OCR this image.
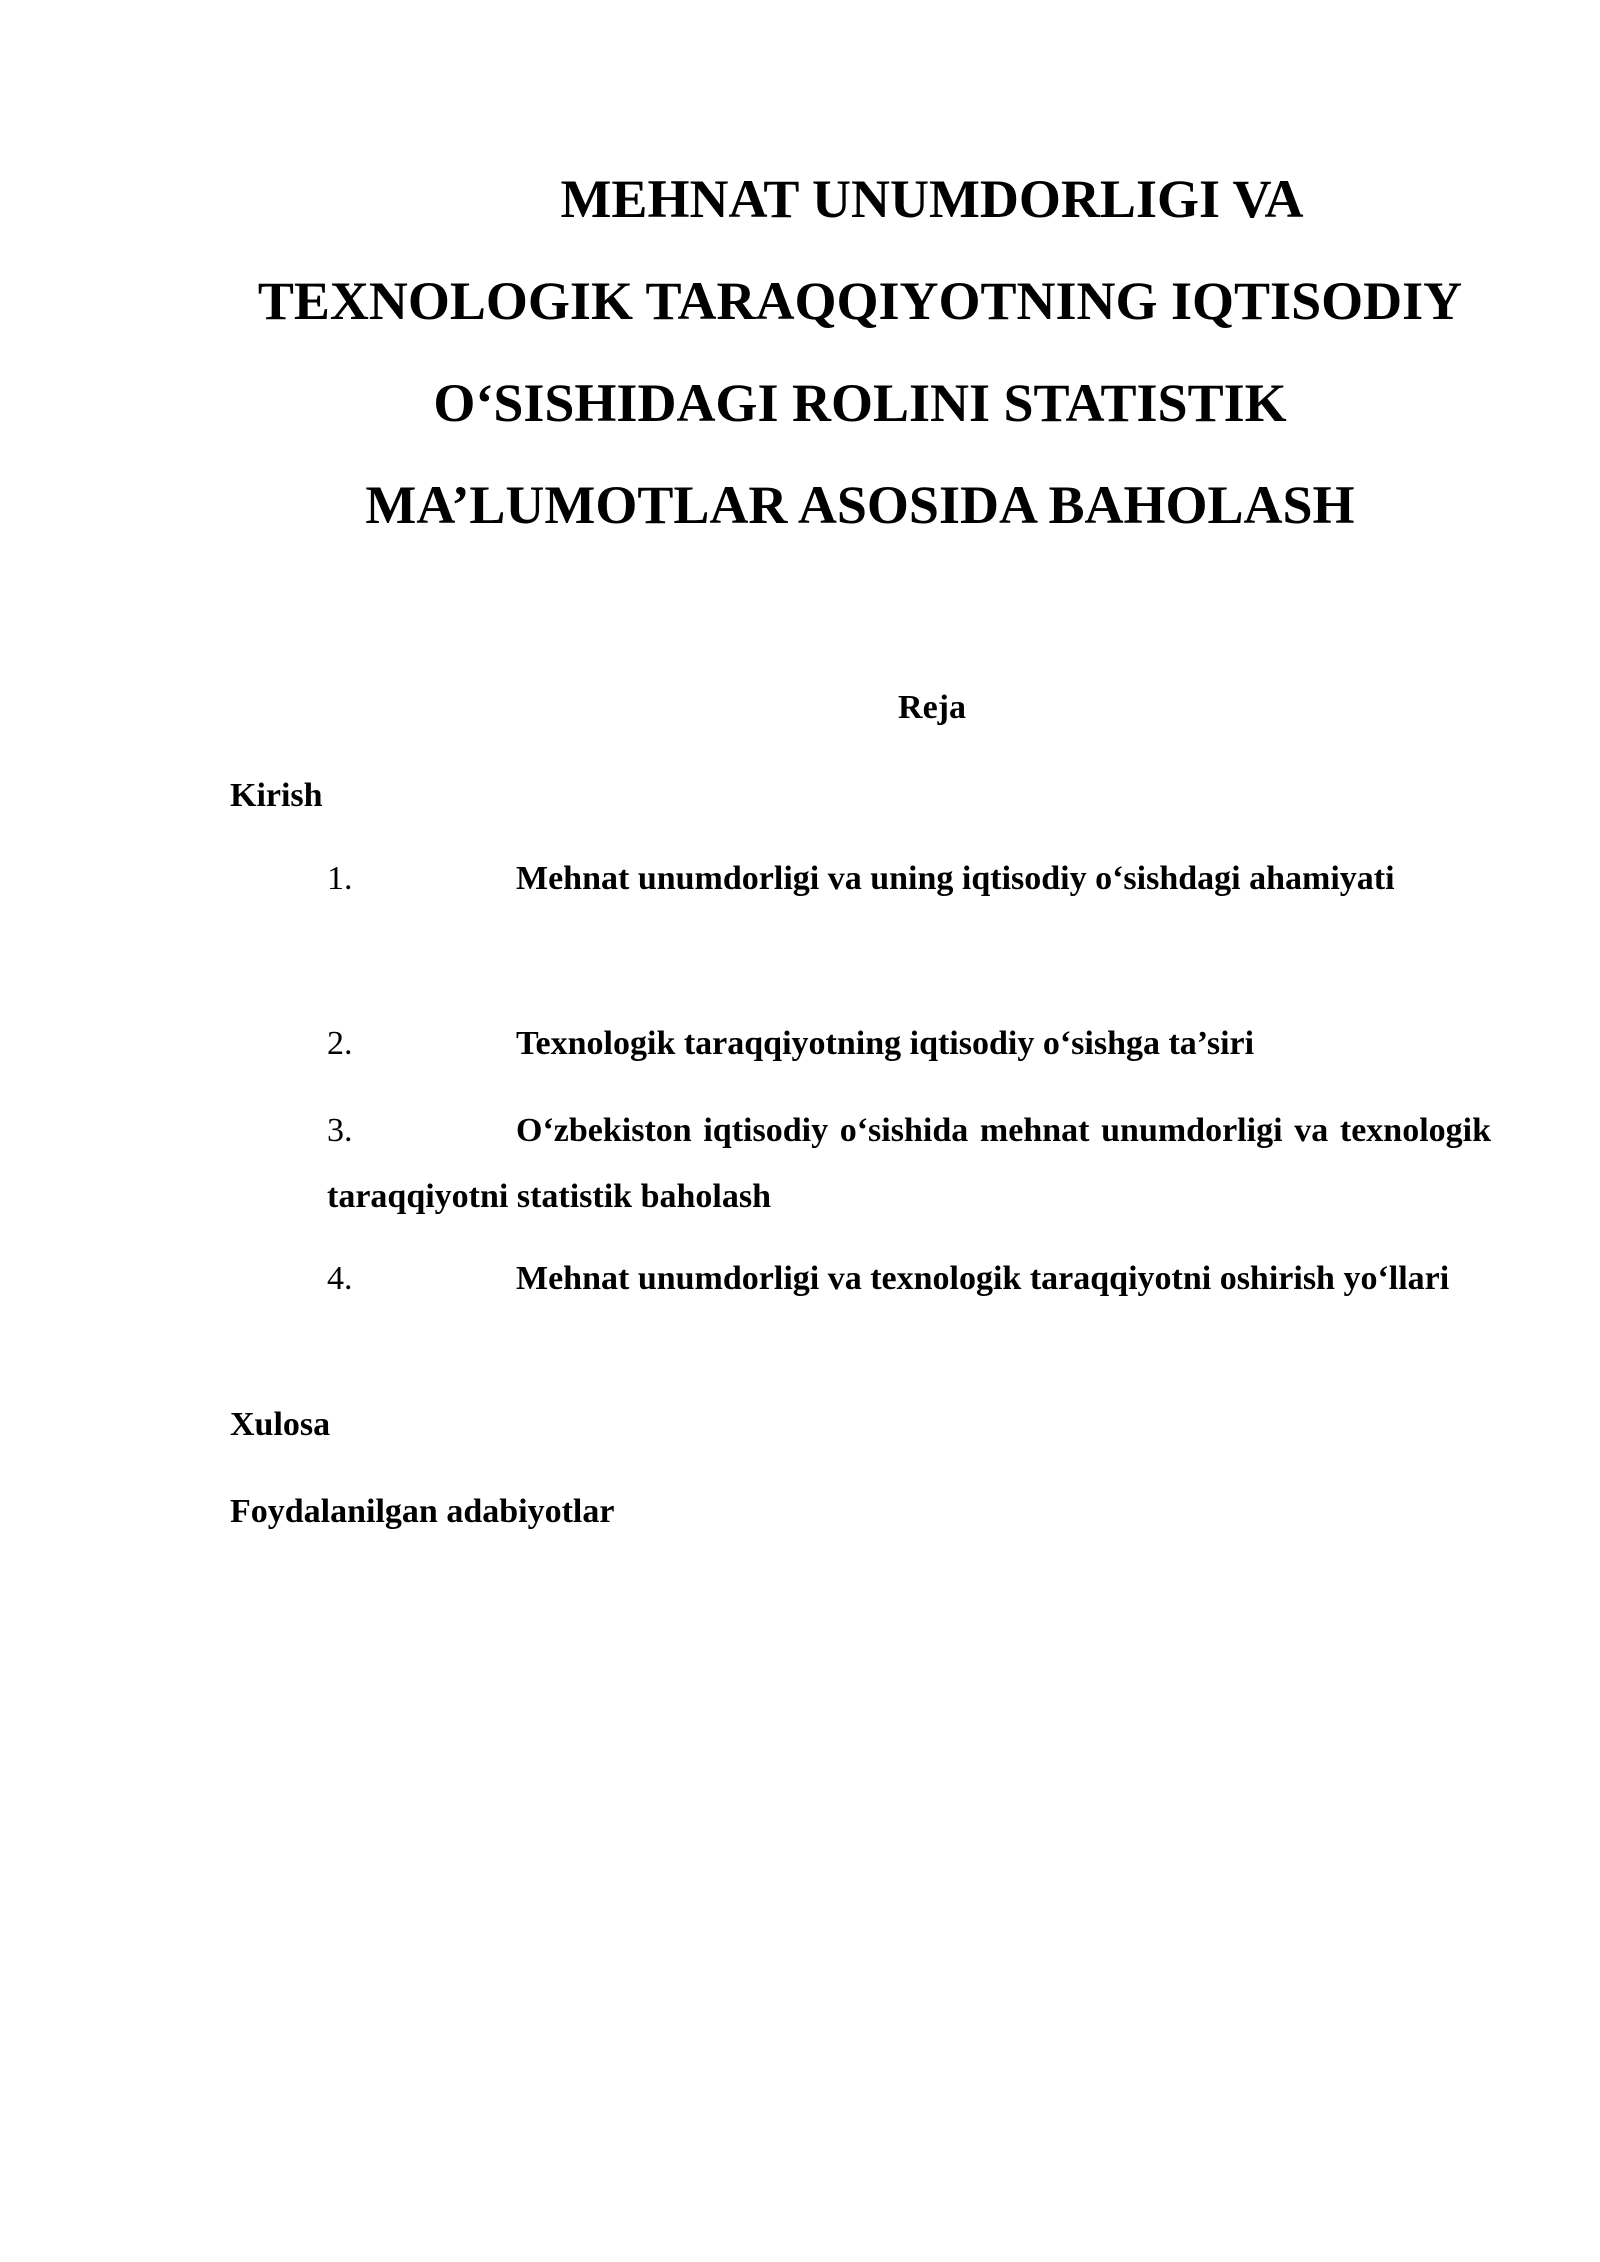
MEHNAT UNUMDORLIGI VA TEXNOLOGIK TARAQQIYOTNING IQTISODIY O‘SISHIDAGI ROLINI STATISTIK MA’LUMOTLAR ASOSIDA BAHOLASH

Reja

Kirish

1.	Mehnat unumdorligi va uning iqtisodiy o‘sishdagi ahamiyati

2.	Texnologik taraqqiyotning iqtisodiy o‘sishga ta’siri

3.	O‘zbekiston iqtisodiy o‘sishida mehnat unumdorligi va texnologik taraqqiyotni statistik baholash

4.	Mehnat unumdorligi va texnologik taraqqiyotni oshirish yo‘llari

Xulosa

Foydalanilgan adabiyotlar
